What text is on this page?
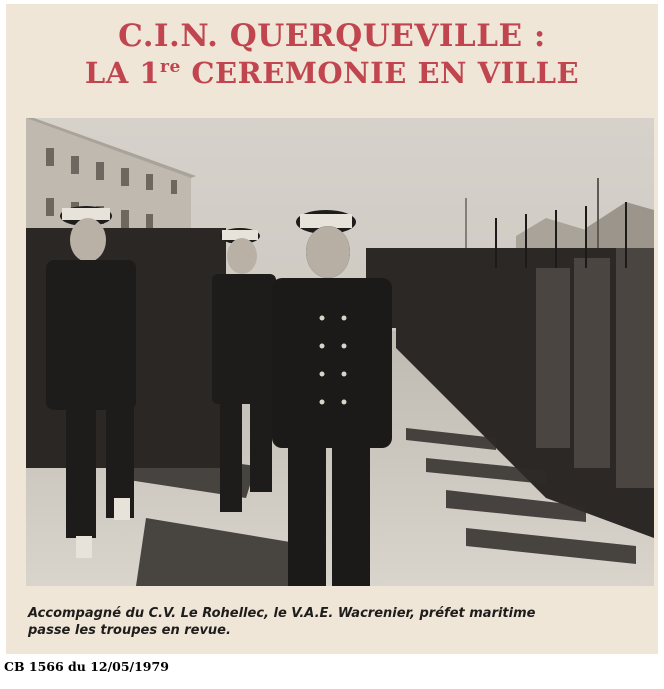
C.I.N. QUERQUEVILLE :
LA 1re CEREMONIE EN VILLE
Accompagné du C.V. Le Rohellec, le V.A.E. Wacrenier, préfet maritime
passe les troupes en revue.
CB 1566 du 12/05/1979
